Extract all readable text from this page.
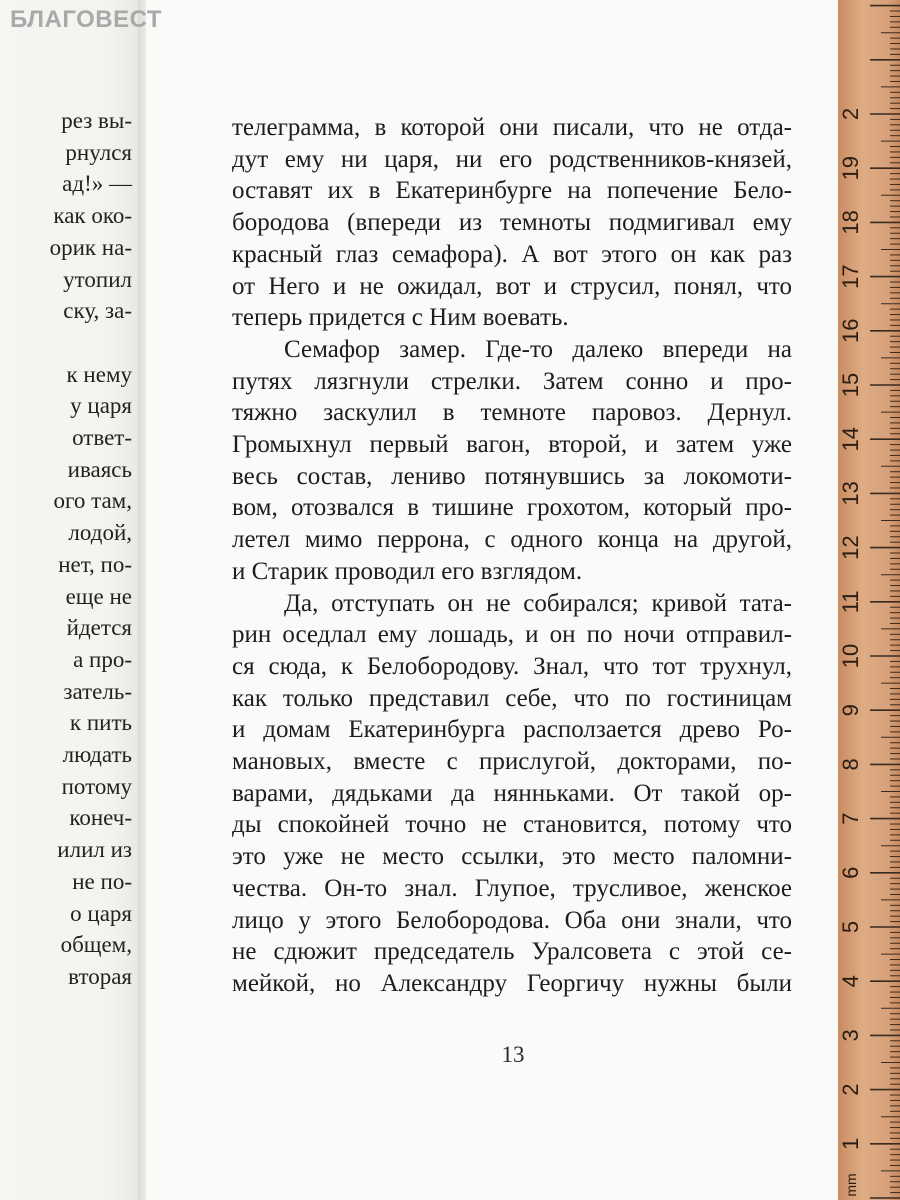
рез вы-
рнулся
ад!» —
как око-
орик на-
утопил
ску, за-

к нему
у царя
ответ-
иваясь
ого там,
лодой,
нет, по-
еще не
йдется
а про-
затель-
к пить
людать
потому
конеч-
илил из
не по-
о царя
общем,
вторая
БЛАГОВЕСТ
телеграмма, в которой они писали, что не отда-
дут ему ни царя, ни его родственников-князей,
оставят их в Екатеринбурге на попечение Бело-
бородова (впереди из темноты подмигивал ему
красный глаз семафора). А вот этого он как раз
от Него и не ожидал, вот и струсил, понял, что
теперь придется с Ним воевать.
Семафор замер. Где-то далеко впереди на
путях лязгнули стрелки. Затем сонно и про-
тяжно заскулил в темноте паровоз. Дернул.
Громыхнул первый вагон, второй, и затем уже
весь состав, лениво потянувшись за локомоти-
вом, отозвался в тишине грохотом, который про-
летел мимо перрона, с одного конца на другой,
и Старик проводил его взглядом.
Да, отступать он не собирался; кривой тата-
рин оседлал ему лошадь, и он по ночи отправил-
ся сюда, к Белобородову. Знал, что тот трухнул,
как только представил себе, что по гостиницам
и домам Екатеринбурга расползается древо Ро-
мановых, вместе с прислугой, докторами, по-
варами, дядьками да нянньками. От такой ор-
ды спокойней точно не становится, потому что
это уже не место ссылки, это место паломни-
чества. Он-то знал. Глупое, трусливое, женское
лицо у этого Белобородова. Оба они знали, что
не сдюжит председатель Уралсовета с этой се-
мейкой, но Александру Георгичу нужны были
13
1
2
3
4
5
6
7
8
9
10
11
12
13
14
15
16
17
18
19
2
mm
